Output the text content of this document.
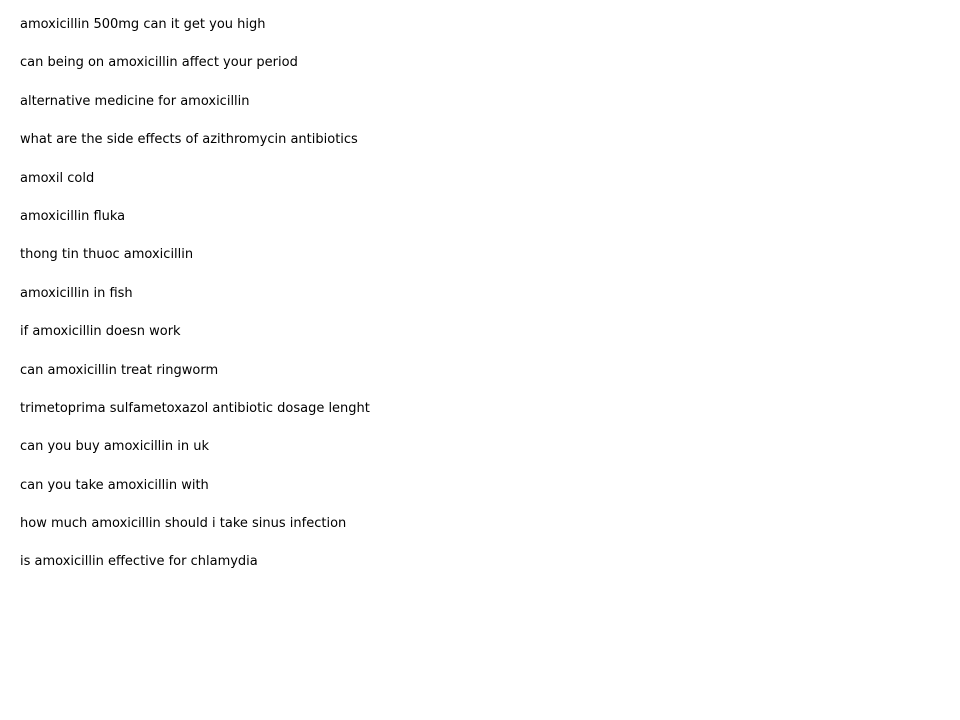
amoxicillin 500mg can it get you high
can being on amoxicillin affect your period
alternative medicine for amoxicillin
what are the side effects of azithromycin antibiotics
amoxil cold
amoxicillin fluka
thong tin thuoc amoxicillin
amoxicillin in fish
if amoxicillin doesn work
can amoxicillin treat ringworm
trimetoprima sulfametoxazol antibiotic dosage lenght
can you buy amoxicillin in uk
can you take amoxicillin with
how much amoxicillin should i take sinus infection
is amoxicillin effective for chlamydia
